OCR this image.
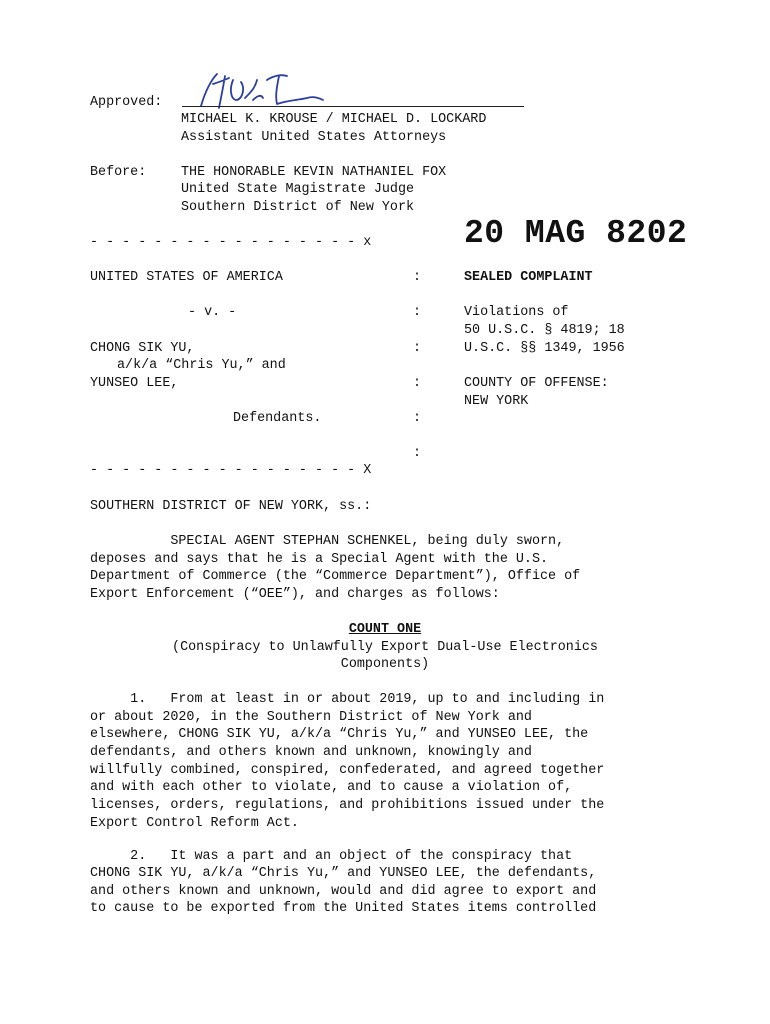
Approved:
MICHAEL K. KROUSE / MICHAEL D. LOCKARD
Assistant United States Attorneys
Before:	THE HONORABLE KEVIN NATHANIEL FOX
United State Magistrate Judge
Southern District of New York
20 MAG 8202
- - - - - - - - - - - - - - - - - x
UNITED STATES OF AMERICA
- v. -
CHONG SIK YU,
a/k/a “Chris Yu,” and
YUNSEO LEE,
Defendants.
:
:
:
:
:
:
SEALED COMPLAINT
Violations of
50 U.S.C. § 4819; 18
U.S.C. §§ 1349, 1956
COUNTY OF OFFENSE:
NEW YORK
- - - - - - - - - - - - - - - - - X
SOUTHERN DISTRICT OF NEW YORK, ss.:
SPECIAL AGENT STEPHAN SCHENKEL, being duly sworn,
deposes and says that he is a Special Agent with the U.S.
Department of Commerce (the “Commerce Department”), Office of
Export Enforcement (“OEE”), and charges as follows:
COUNT ONE
(Conspiracy to Unlawfully Export Dual-Use Electronics
Components)
1.   From at least in or about 2019, up to and including in
or about 2020, in the Southern District of New York and
elsewhere, CHONG SIK YU, a/k/a “Chris Yu,” and YUNSEO LEE, the
defendants, and others known and unknown, knowingly and
willfully combined, conspired, confederated, and agreed together
and with each other to violate, and to cause a violation of,
licenses, orders, regulations, and prohibitions issued under the
Export Control Reform Act.
2.   It was a part and an object of the conspiracy that
CHONG SIK YU, a/k/a “Chris Yu,” and YUNSEO LEE, the defendants,
and others known and unknown, would and did agree to export and
to cause to be exported from the United States items controlled
